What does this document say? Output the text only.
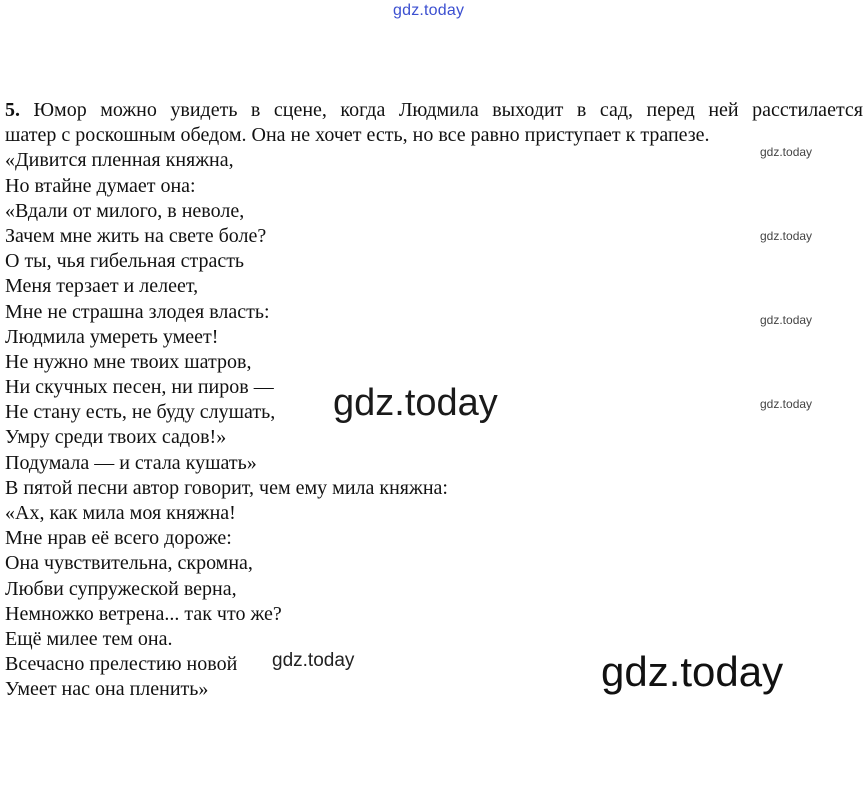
gdz.today
5. Юмор можно увидеть в сцене, когда Людмила выходит в сад, перед ней расстилается
шатер с роскошным обедом. Она не хочет есть, но все равно приступает к трапезе.
«Дивится пленная княжна,
Но втайне думает она:
«Вдали от милого, в неволе,
Зачем мне жить на свете боле?
О ты, чья гибельная страсть
Меня терзает и лелеет,
Мне не страшна злодея власть:
Людмила умереть умеет!
Не нужно мне твоих шатров,
Ни скучных песен, ни пиров —
Не стану есть, не буду слушать,
Умру среди твоих садов!»
Подумала — и стала кушать»
В пятой песни автор говорит, чем ему мила княжна:
«Ах, как мила моя княжна!
Мне нрав её всего дороже:
Она чувствительна, скромна,
Любви супружеской верна,
Немножко ветрена... так что же?
Ещё милее тем она.
Всечасно прелестию новой
Умеет нас она пленить»
gdz.today
gdz.today
gdz.today
gdz.today
gdz.today
gdz.today	gdz.today
